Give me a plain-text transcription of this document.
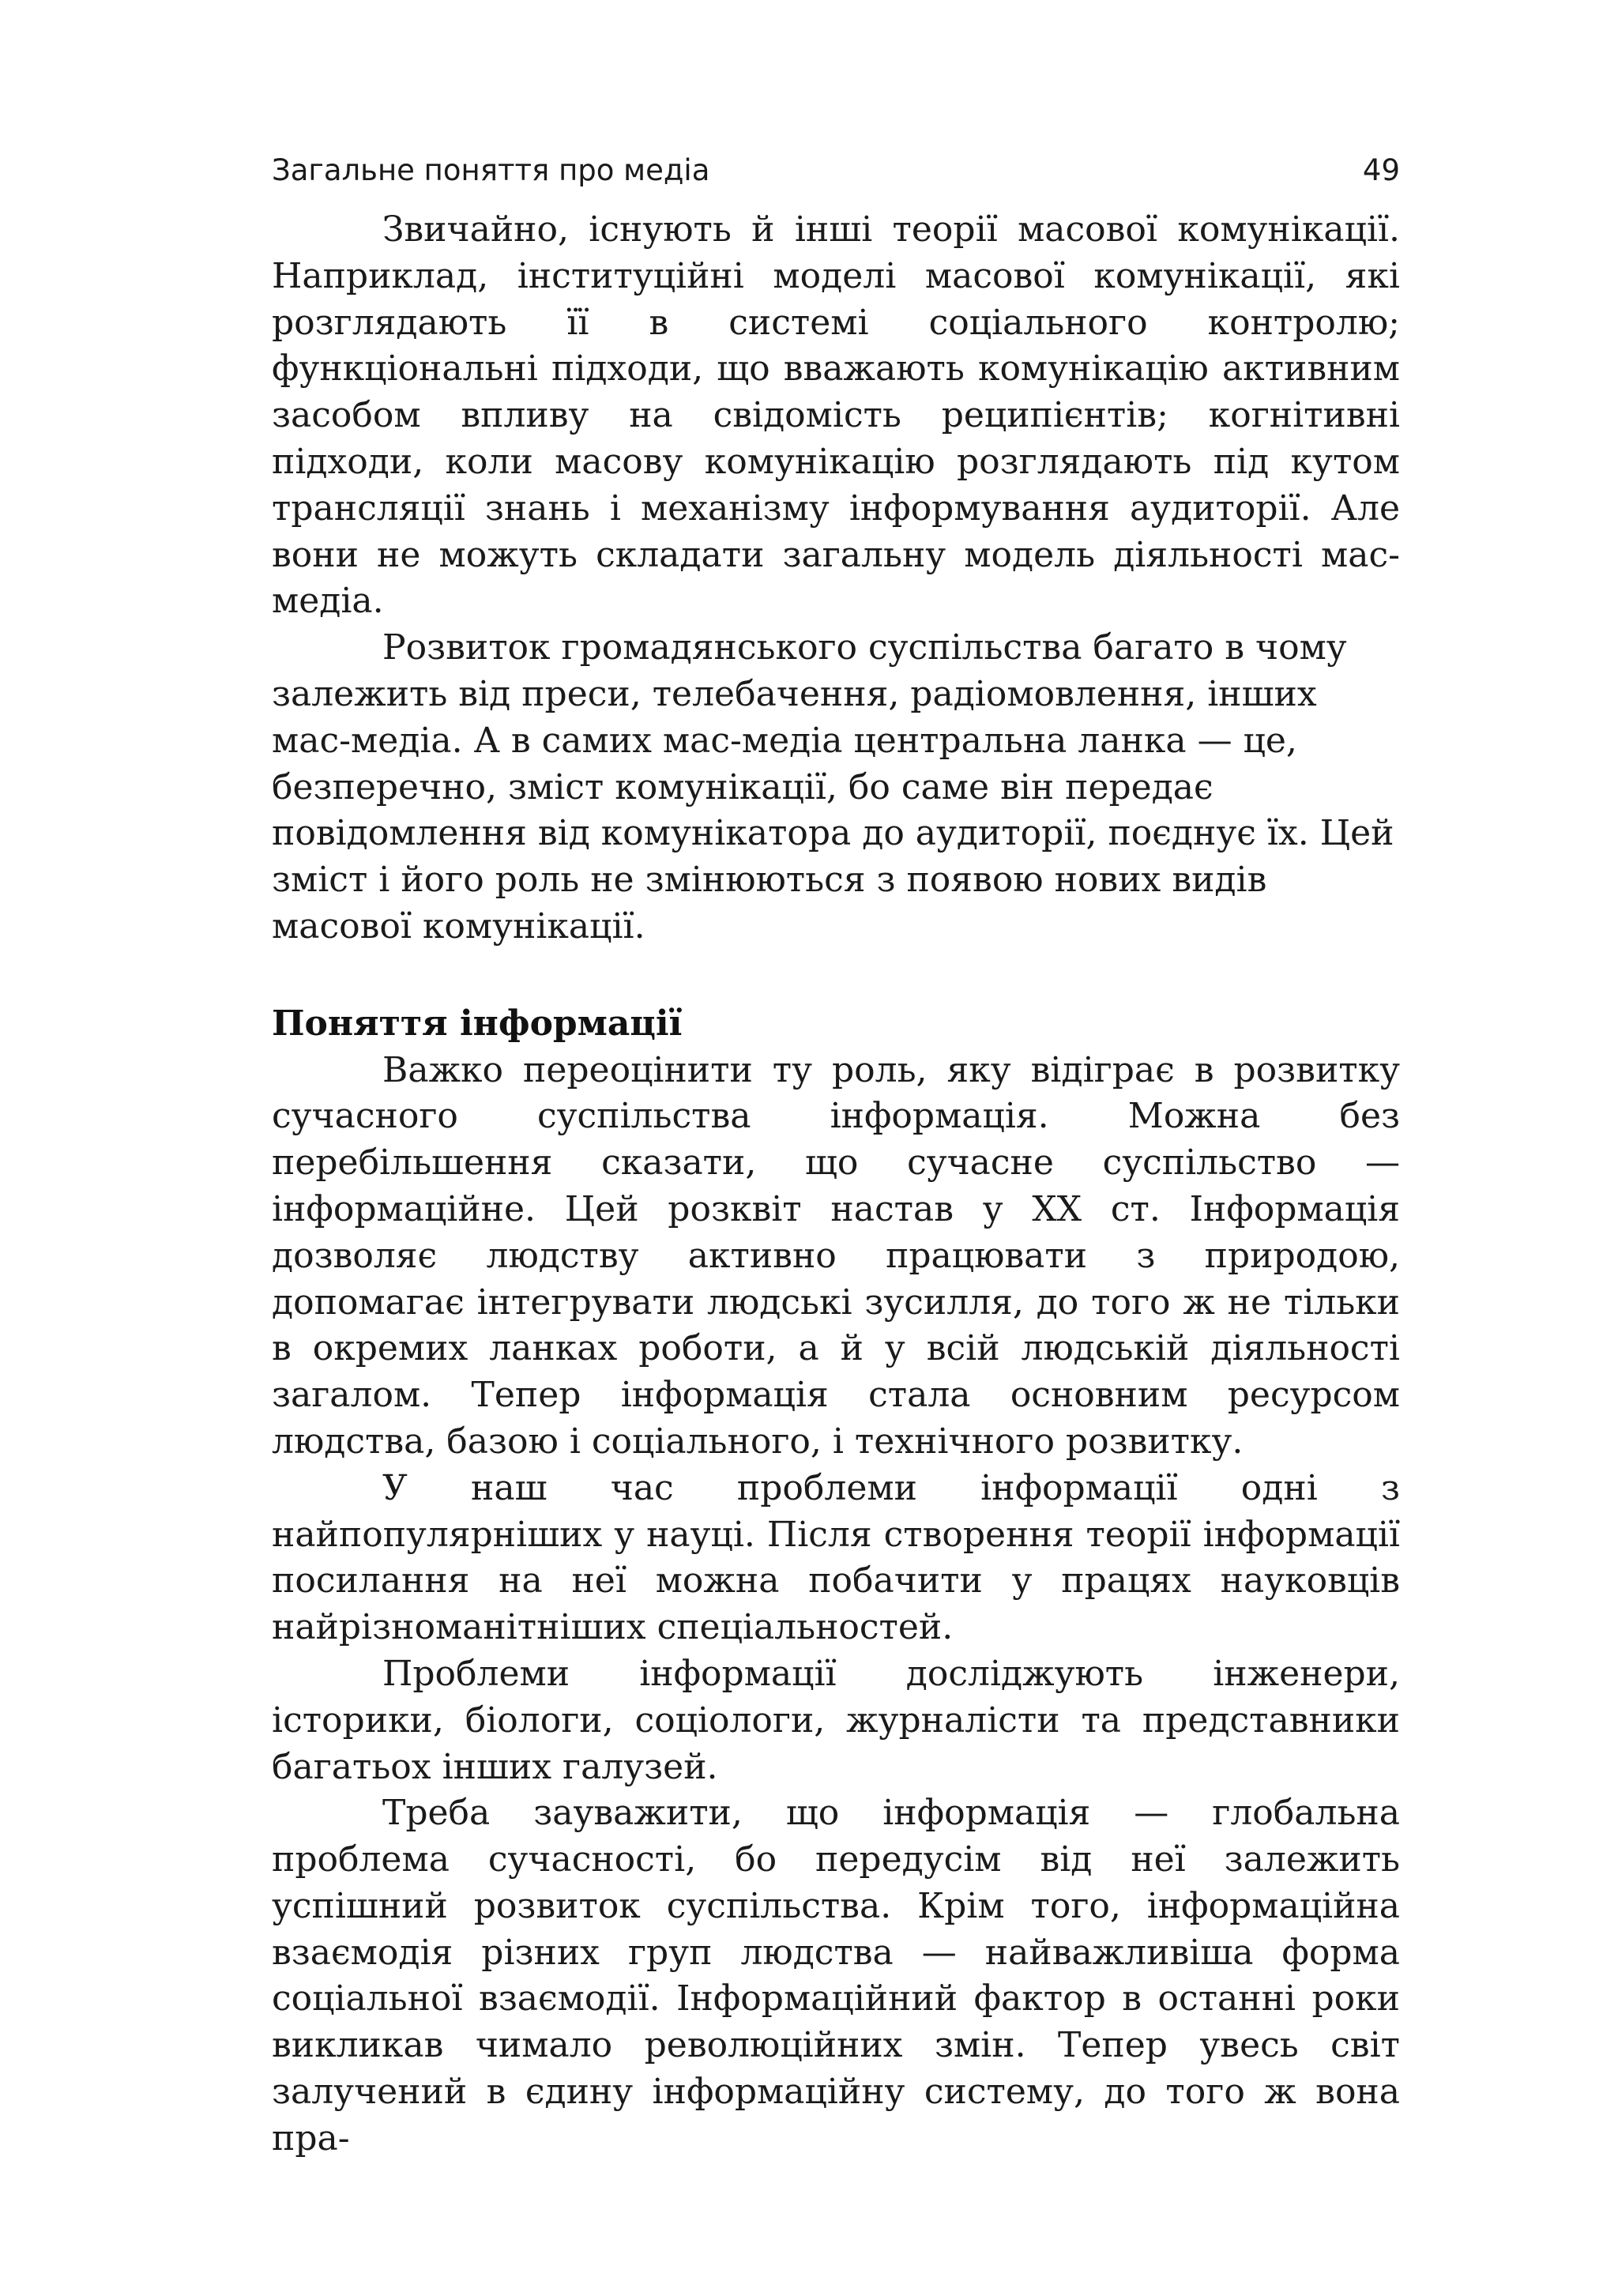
Загальне поняття про медіа	49

Звичайно, існують й інші теорії масової комунікації. Наприклад, інституційні моделі масової комунікації, які розглядають її в системі соціального контролю; функціональні підходи, що вважають комунікацію активним засобом впливу на свідомість реципієнтів; когнітивні підходи, коли масову комунікацію розглядають під кутом трансляції знань і механізму інформування аудиторії. Але вони не можуть складати загальну модель діяльності мас-медіа.

Розвиток громадянського суспільства багато в чому залежить від преси, телебачення, радіомовлення, інших мас-медіа. А в самих мас-медіа центральна ланка — це, безперечно, зміст комунікації, бо саме він передає повідомлення від комунікатора до аудиторії, поєднує їх. Цей зміст і його роль не змінюються з появою нових видів масової комунікації.

Поняття інформації

Важко переоцінити ту роль, яку відіграє в розвитку сучасного суспільства інформація. Можна без перебільшення сказати, що сучасне суспільство — інформаційне. Цей розквіт настав у XX ст. Інформація дозволяє людству активно працювати з природою, допомагає інтегрувати людські зусилля, до того ж не тільки в окремих ланках роботи, а й у всій людській діяльності загалом. Тепер інформація стала основним ресурсом людства, базою і соціального, і технічного розвитку.

У наш час проблеми інформації одні з найпопулярніших у науці. Після створення теорії інформації посилання на неї можна побачити у працях науковців найрізноманітніших спеціальностей.

Проблеми інформації досліджують інженери, історики, біологи, соціологи, журналісти та представники багатьох інших галузей.

Треба зауважити, що інформація — глобальна проблема сучасності, бо передусім від неї залежить успішний розвиток суспільства. Крім того, інформаційна взаємодія різних груп людства — найважливіша форма соціальної взаємодії. Інформаційний фактор в останні роки викликав чимало революційних змін. Тепер увесь світ залучений в єдину інформаційну систему, до того ж вона пра-
